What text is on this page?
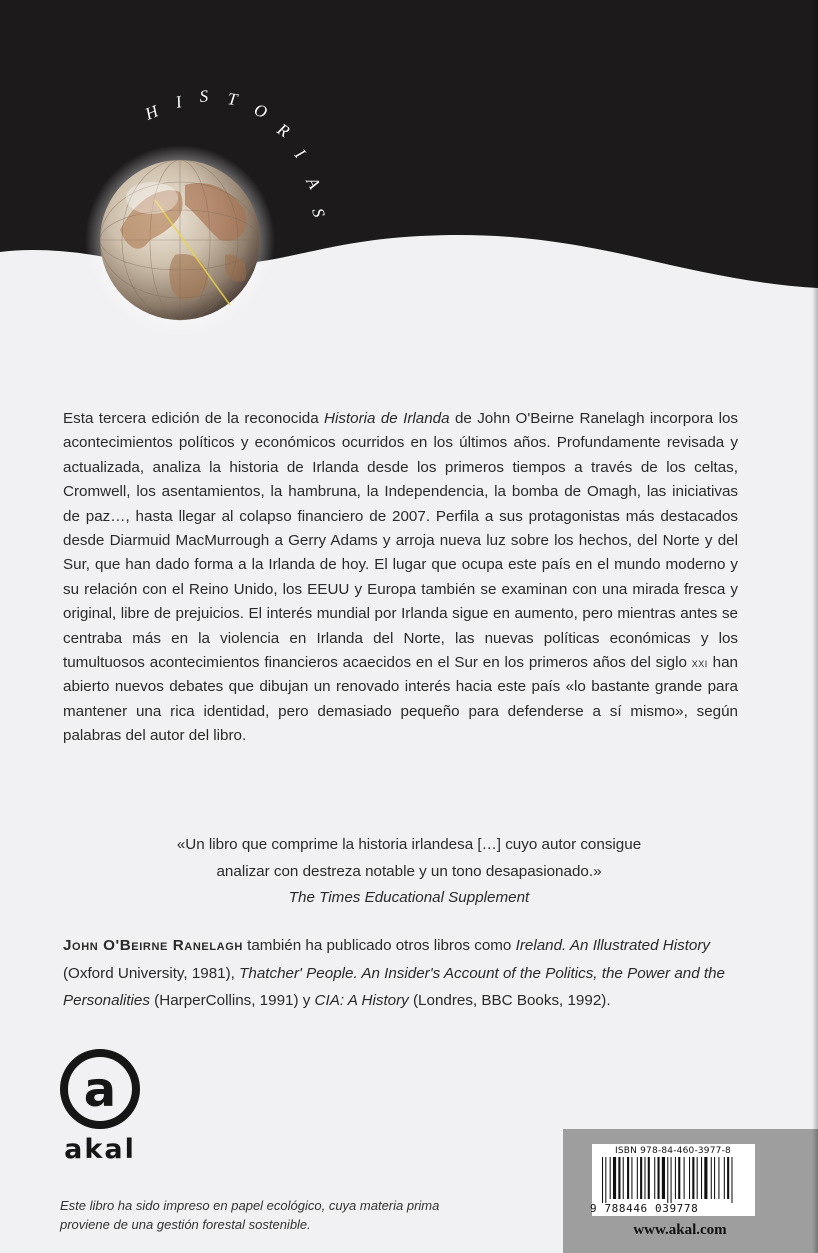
H I S T
O
R
I
A
S

Esta tercera edición de la reconocida Historia de Irlanda de John O'Beirne Ranelagh incorpora los acontecimientos políticos y económicos ocurridos en los últimos años. Profundamente revisada y actualizada, analiza la historia de Irlanda desde los primeros tiempos a través de los celtas, Cromwell, los asentamientos, la hambruna, la Independencia, la bomba de Omagh, las iniciativas de paz…, hasta llegar al colapso financiero de 2007. Perfila a sus protagonistas más destacados desde Diarmuid MacMurrough a Gerry Adams y arroja nueva luz sobre los hechos, del Norte y del Sur, que han dado forma a la Irlanda de hoy. El lugar que ocupa este país en el mundo moderno y su relación con el Reino Unido, los EEUU y Europa también se examinan con una mirada fresca y original, libre de prejuicios. El interés mundial por Irlanda sigue en aumento, pero mientras antes se centraba más en la violencia en Irlanda del Norte, las nuevas políticas económicas y los tumultuosos acontecimientos financieros acaecidos en el Sur en los primeros años del siglo xxi han abierto nuevos debates que dibujan un renovado interés hacia este país «lo bastante grande para mantener una rica identidad, pero demasiado pequeño para defenderse a sí mismo», según palabras del autor del libro.

«Un libro que comprime la historia irlandesa […] cuyo autor consigue

analizar con destreza notable y un tono desapasionado.»

The Times Educational Supplement

John O'Beirne Ranelagh también ha publicado otros libros como Ireland. An Illustrated History (Oxford University, 1981), Thatcher' People. An Insider's Account of the Politics, the Power and the Personalities (HarperCollins, 1991) y CIA: A History (Londres, BBC Books, 1992).
a
akal
Este libro ha sido impreso en papel ecológico, cuya materia prima
proviene de una gestión forestal sostenible.
ISBN 978-84-460-3977-8
9 788446 039778
www.akal.com
